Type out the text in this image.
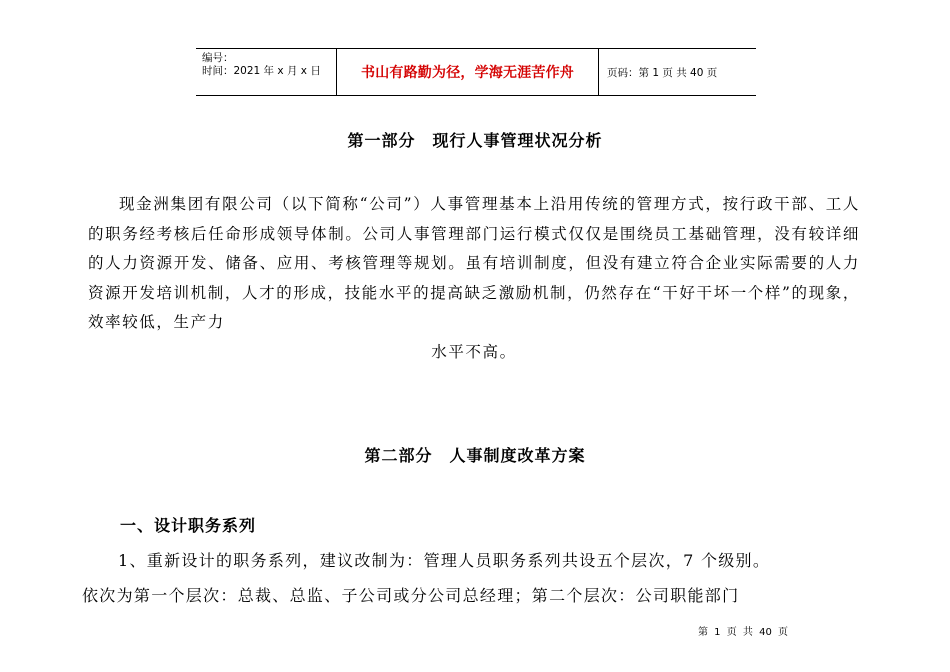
编号：
时间：2021 年 x 月 x 日	书山有路勤为径，学海无涯苦作舟	页码：第 1 页 共 40 页
第一部分　现行人事管理状况分析
现金洲集团有限公司（以下简称“公司”）人事管理基本上沿用传统的管理方式，按行政干部、工人的职务经考核后任命形成领导体制。公司人事管理部门运行模式仅仅是围绕员工基础管理，没有较详细的人力资源开发、储备、应用、考核管理等规划。虽有培训制度，但没有建立符合企业实际需要的人力资源开发培训机制，人才的形成，技能水平的提高缺乏激励机制，仍然存在“干好干坏一个样”的现象，效率较低，生产力
水平不高。
第二部分　人事制度改革方案
一、设计职务系列
1、重新设计的职务系列，建议改制为：管理人员职务系列共设五个层次，7 个级别。
依次为第一个层次：总裁、总监、子公司或分公司总经理；第二个层次：公司职能部门
第 1 页 共 40 页
